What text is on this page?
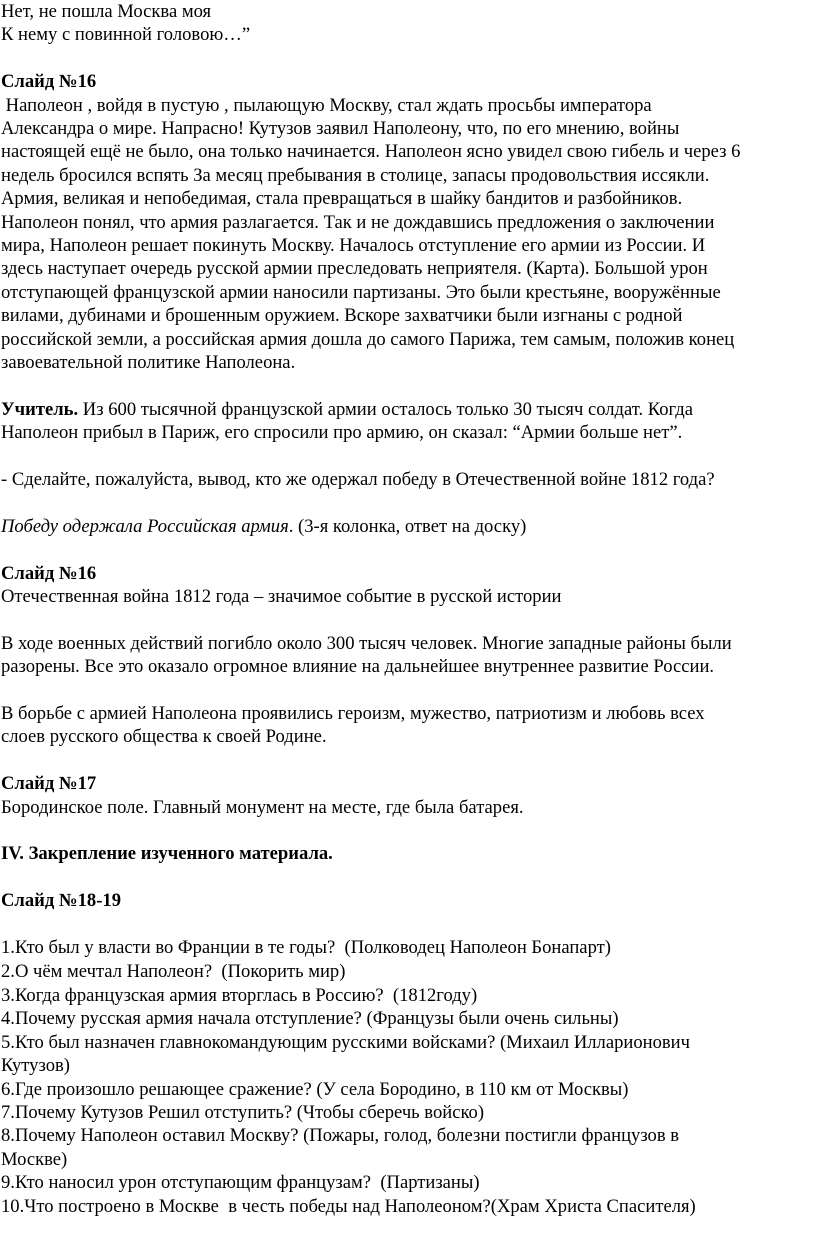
Нет, не пошла Москва моя

К нему с повинной головою…”

Слайд №16

Наполеон , войдя в пустую , пылающую Москву, стал ждать просьбы императора

Александра о мире. Напрасно! Кутузов заявил Наполеону, что, по его мнению, войны

настоящей ещё не было, она только начинается. Наполеон ясно увидел свою гибель и через 6

недель бросился вспять За месяц пребывания в столице, запасы продовольствия иссякли.

Армия, великая и непобедимая, стала превращаться в шайку бандитов и разбойников.

Наполеон понял, что армия разлагается. Так и не дождавшись предложения о заключении

мира, Наполеон решает покинуть Москву. Началось отступление его армии из России. И

здесь наступает очередь русской армии преследовать неприятеля. (Карта). Большой урон

отступающей французской армии наносили партизаны. Это были крестьяне, вооружённые

вилами, дубинами и брошенным оружием. Вскоре захватчики были изгнаны с родной

российской земли, а российская армия дошла до самого Парижа, тем самым, положив конец

завоевательной политике Наполеона.

Учитель. Из 600 тысячной французской армии осталось только 30 тысяч солдат. Когда

Наполеон прибыл в Париж, его спросили про армию, он сказал: “Армии больше нет”.

- Сделайте, пожалуйста, вывод, кто же одержал победу в Отечественной войне 1812 года?

Победу одержала Российская армия. (3-я колонка, ответ на доску)

Слайд №16

Отечественная война 1812 года – значимое событие в русской истории

В ходе военных действий погибло около 300 тысяч человек. Многие западные районы были

разорены. Все это оказало огромное влияние на дальнейшее внутреннее развитие России.

В борьбе с армией Наполеона проявились героизм, мужество, патриотизм и любовь всех

слоев русского общества к своей Родине.

Слайд №17

Бородинское поле. Главный монумент на месте, где была батарея.

IV. Закрепление изученного материала.

Слайд №18-19

1.Кто был у власти во Франции в те годы?  (Полководец Наполеон Бонапарт)

2.О чём мечтал Наполеон?  (Покорить мир)

3.Когда французская армия вторглась в Россию?  (1812году)

4.Почему русская армия начала отступление? (Французы были очень сильны)

5.Кто был назначен главнокомандующим русскими войсками? (Михаил Илларионович

Кутузов)

6.Где произошло решающее сражение? (У села Бородино, в 110 км от Москвы)

7.Почему Кутузов Решил отступить? (Чтобы сберечь войско)

8.Почему Наполеон оставил Москву? (Пожары, голод, болезни постигли французов в

Москве)

9.Кто наносил урон отступающим французам?  (Партизаны)

10.Что построено в Москве  в честь победы над Наполеоном?(Храм Христа Спасителя)
